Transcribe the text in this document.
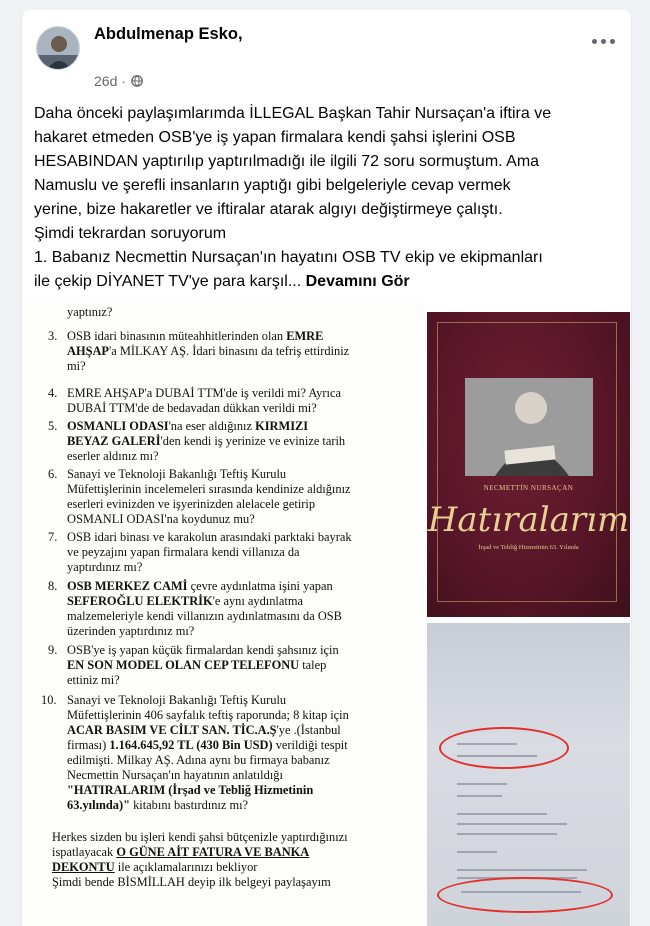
Abdulmenap Esko,
26d ·

Daha önceki paylaşımlarımda İLLEGAL Başkan Tahir Nursaçan'a iftira ve

hakaret etmeden OSB'ye iş yapan firmalara kendi şahsi işlerini OSB

HESABINDAN yaptırılıp yaptırılmadığı ile ilgili 72 soru sormuştum. Ama

Namuslu ve şerefli insanların yaptığı gibi belgeleriyle cevap vermek

yerine, bize hakaretler ve iftiralar atarak algıyı değiştirmeye çalıştı.

Şimdi tekrardan soruyorum

1. Babanız Necmettin Nursaçan'ın hayatını OSB TV ekip ve ekipmanları

ile çekip DİYANET TV'ye para karşıl... Devamını Gör

yaptınız?
3. OSB idari binasının müteahhitlerinden olan EMRE
AHŞAP'a MİLKAY AŞ. İdari binasını da tefriş ettirdiniz
mi?
4. EMRE AHŞAP'a DUBAİ TTM'de iş verildi mi? Ayrıca
DUBAİ TTM'de de bedavadan dükkan verildi mi?
5. OSMANLI ODASI'na eser aldığınız KIRMIZI
BEYAZ GALERİ'den kendi iş yerinize ve evinize tarih
eserler aldınız mı?
6. Sanayi ve Teknoloji Bakanlığı Teftiş Kurulu
Müfettişlerinin incelemeleri sırasında kendinize aldığınız
eserleri evinizden ve işyerinizden alelacele getirip
OSMANLI ODASI'na koydunuz mu?
7. OSB idari binası ve karakolun arasındaki parktaki bayrak
ve peyzajını yapan firmalara kendi villanıza da
yaptırdınız mı?
8. OSB MERKEZ CAMİ çevre aydınlatma işini yapan
SEFEROĞLU ELEKTRİK'e aynı aydınlatma
malzemeleriyle kendi villanızın aydınlatmasını da OSB
üzerinden yaptırdınız mı?
9. OSB'ye iş yapan küçük firmalardan kendi şahsınız için
EN SON MODEL OLAN CEP TELEFONU talep
ettiniz mi?
10. Sanayi ve Teknoloji Bakanlığı Teftiş Kurulu
Müfettişlerinin 406 sayfalık teftiş raporunda; 8 kitap için
ACAR BASIM VE CİLT SAN. TİC.A.Ş'ye .(İstanbul
firması) 1.164.645,92 TL (430 Bin USD) verildiği tespit
edilmişti. Milkay AŞ. Adına aynı bu firmaya babanız
Necmettin Nursaçan'ın hayatının anlatıldığı
"HATIRALARIM (İrşad ve Tebliğ Hizmetinin
63.yılında)" kitabını bastırdınız mı?
Herkes sizden bu işleri kendi şahsi bütçenizle yaptırdığınızı
ispatlayacak O GÜNE AİT FATURA VE BANKA
DEKONTU ile açıklamalarınızı bekliyor
Şimdi bende BİSMİLLAH deyip ilk belgeyi paylaşayım
NECMETTİN NURSAÇAN
Hatıralarım
İrşad ve Tebliğ Hizmetinin 63. Yılında
